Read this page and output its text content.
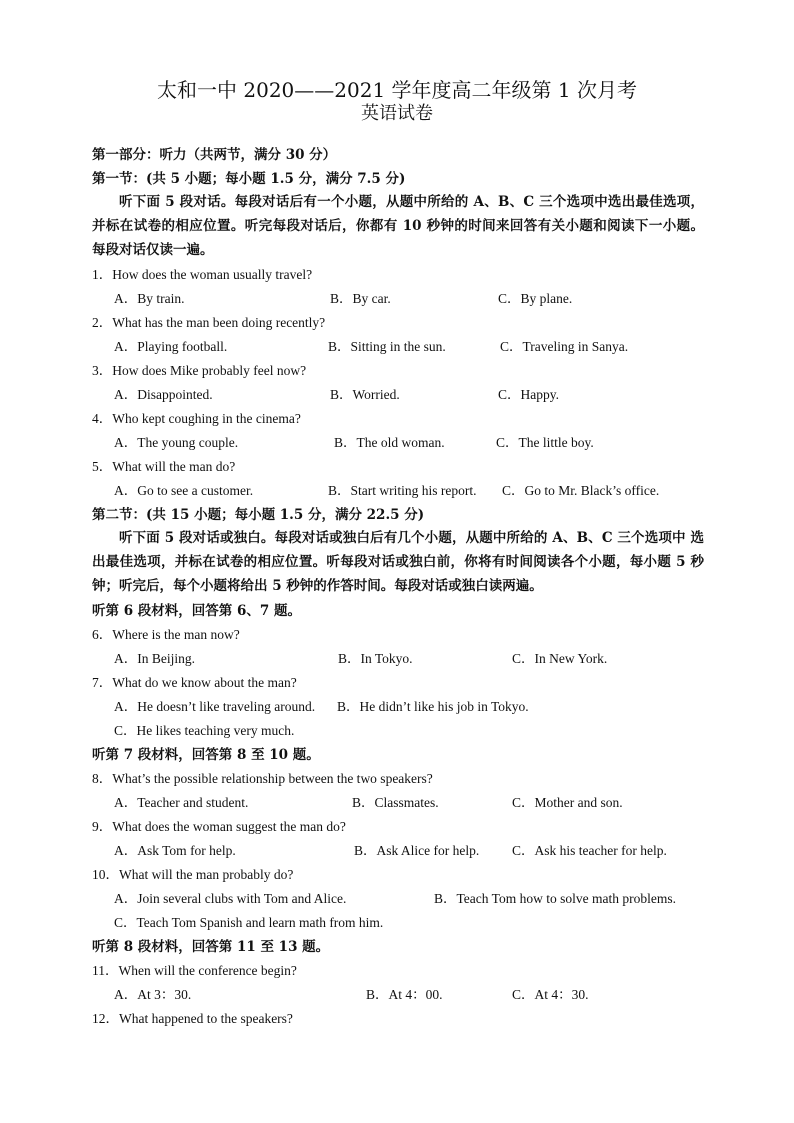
太和一中 2020——2021 学年度高二年级第 1 次月考
英语试卷
第一部分：听力（共两节，满分 30 分）
第一节：(共 5 小题；每小题 1.5 分，满分 7.5 分)
听下面 5 段对话。每段对话后有一个小题，从题中所给的 A、B、C 三个选项中选出最佳选项，并标在试卷的相应位置。听完每段对话后，你都有 10 秒钟的时间来回答有关小题和阅读下一小题。 每段对话仅读一遍。
1．How does the woman usually travel?
A．By train.	B．By car.	C．By plane.
2．What has the man been doing recently?
A．Playing football.	B．Sitting in the sun.	C．Traveling in Sanya.
3．How does Mike probably feel now?
A．Disappointed.	B．Worried.	C．Happy.
4．Who kept coughing in the cinema?
A．The young couple.	B．The old woman.	C．The little boy.
5．What will the man do?
A．Go to see a customer.	B．Start writing his report. C．Go to Mr. Black’s office.
第二节：(共 15 小题；每小题 1.5 分，满分 22.5 分)
听下面 5 段对话或独白。每段对话或独白后有几个小题，从题中所给的 A、B、C 三个选项中 选出最佳选项，并标在试卷的相应位置。听每段对话或独白前，你将有时间阅读各个小题，每小题 5 秒钟；听完后，每个小题将给出 5 秒钟的作答时间。每段对话或独白读两遍。
听第 6 段材料，回答第 6、7 题。
6．Where is the man now?
A．In Beijing.	B．In Tokyo.	C．In New York.
7．What do we know about the man?
A．He doesn’t like traveling around. B．He didn’t like his job in Tokyo.
C．He likes teaching very much.
听第 7 段材料，回答第 8 至 10 题。
8．What’s the possible relationship between the two speakers?
A．Teacher and student.	B．Classmates.	C．Mother and son.
9．What does the woman suggest the man do?
A．Ask Tom for help.	B．Ask Alice for help. C．Ask his teacher for help.
10．What will the man probably do?
A．Join several clubs with Tom and Alice.	B．Teach Tom how to solve math problems.
C．Teach Tom Spanish and learn math from him.
听第 8 段材料，回答第 11 至 13 题。
11．When will the conference begin?
A．At 3：30.	B．At 4：00.	C．At 4：30.
12．What happened to the speakers?
